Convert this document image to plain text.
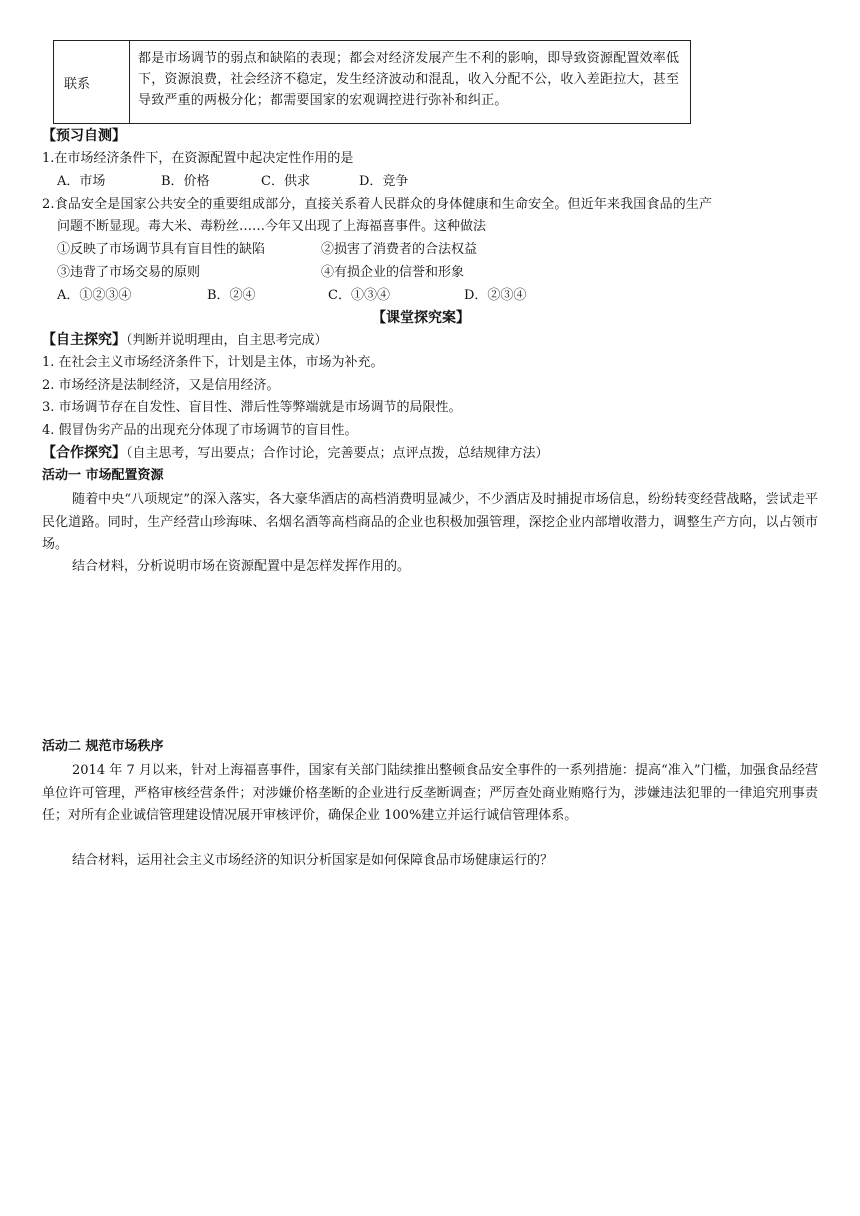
联系
都是市场调节的弱点和缺陷的表现；都会对经济发展产生不利的影响，即导致资源配置效率低下，资源浪费，社会经济不稳定，发生经济波动和混乱，收入分配不公，收入差距拉大，甚至导致严重的两极分化；都需要国家的宏观调控进行弥补和纠正。
【预习自测】
1.在市场经济条件下，在资源配置中起决定性作用的是
A．市场	B．价格	C．供求	D．竞争
2.食品安全是国家公共安全的重要组成部分，直接关系着人民群众的身体健康和生命安全。但近年来我国食品的生产
问题不断显现。毒大米、毒粉丝……今年又出现了上海福喜事件。这种做法
①反映了市场调节具有盲目性的缺陷	②损害了消费者的合法权益
③违背了市场交易的原则	④有损企业的信誉和形象
A．①②③④	B．②④	C．①③④	D．②③④
【课堂探究案】
【自主探究】（判断并说明理由，自主思考完成）
1. 在社会主义市场经济条件下，计划是主体，市场为补充。
2. 市场经济是法制经济，又是信用经济。
3. 市场调节存在自发性、盲目性、滞后性等弊端就是市场调节的局限性。
4. 假冒伪劣产品的出现充分体现了市场调节的盲目性。
【合作探究】（自主思考，写出要点；合作讨论，完善要点；点评点拨，总结规律方法）
活动一 市场配置资源
随着中央“八项规定”的深入落实，各大豪华酒店的高档消费明显减少，不少酒店及时捕捉市场信息，纷纷转变经营战略，尝试走平民化道路。同时，生产经营山珍海味、名烟名酒等高档商品的企业也积极加强管理，深挖企业内部增收潜力，调整生产方向，以占领市场。
结合材料，分析说明市场在资源配置中是怎样发挥作用的。
活动二 规范市场秩序
2014 年 7 月以来，针对上海福喜事件，国家有关部门陆续推出整顿食品安全事件的一系列措施：提高“准入”门槛，加强食品经营单位许可管理，严格审核经营条件；对涉嫌价格垄断的企业进行反垄断调查；严厉查处商业贿赂行为，涉嫌违法犯罪的一律追究刑事责任；对所有企业诚信管理建设情况展开审核评价，确保企业 100%建立并运行诚信管理体系。
结合材料，运用社会主义市场经济的知识分析国家是如何保障食品市场健康运行的？
